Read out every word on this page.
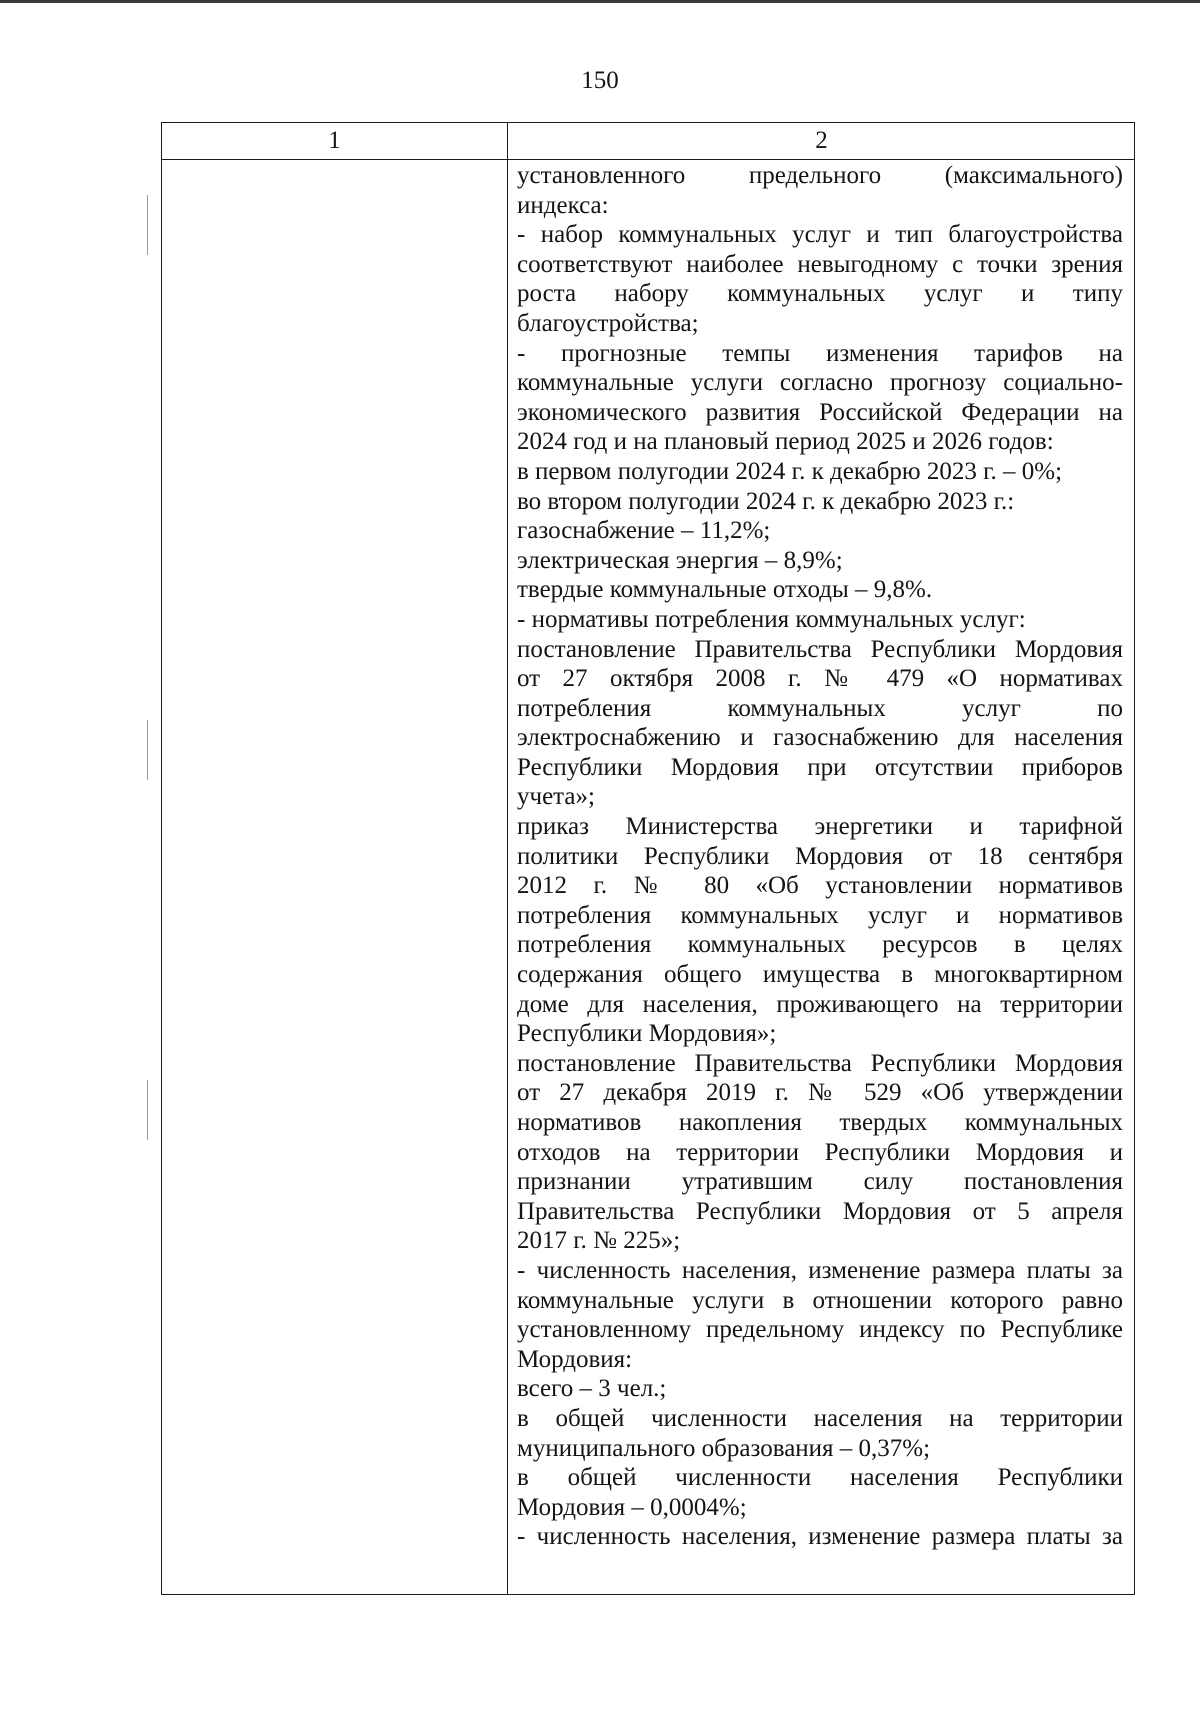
150
1	2
установленного предельного (максимального)
индекса:
- набор коммунальных услуг и тип благоустройства
соответствуют наиболее невыгодному с точки зрения
роста набору коммунальных услуг и типу
благоустройства;
- прогнозные темпы изменения тарифов на
коммунальные услуги согласно прогнозу социально-
экономического развития Российской Федерации на
2024 год и на плановый период 2025 и 2026 годов:
в первом полугодии 2024 г. к декабрю 2023 г. – 0%;
во втором полугодии 2024 г. к декабрю 2023 г.:
газоснабжение – 11,2%;
электрическая энергия – 8,9%;
твердые коммунальные отходы – 9,8%.
- нормативы потребления коммунальных услуг:
постановление Правительства Республики Мордовия
от 27 октября 2008 г. № 479 «О нормативах
потребления коммунальных услуг по
электроснабжению и газоснабжению для населения
Республики Мордовия при отсутствии приборов
учета»;
приказ Министерства энергетики и тарифной
политики Республики Мордовия от 18 сентября
2012 г. № 80 «Об установлении нормативов
потребления коммунальных услуг и нормативов
потребления коммунальных ресурсов в целях
содержания общего имущества в многоквартирном
доме для населения, проживающего на территории
Республики Мордовия»;
постановление Правительства Республики Мордовия
от 27 декабря 2019 г. № 529 «Об утверждении
нормативов накопления твердых коммунальных
отходов на территории Республики Мордовия и
признании утратившим силу постановления
Правительства Республики Мордовия от 5 апреля
2017 г. № 225»;
- численность населения, изменение размера платы за
коммунальные услуги в отношении которого равно
установленному предельному индексу по Республике
Мордовия:
всего – 3 чел.;
в общей численности населения на территории
муниципального образования – 0,37%;
в общей численности населения Республики
Мордовия – 0,0004%;
- численность населения, изменение размера платы за
